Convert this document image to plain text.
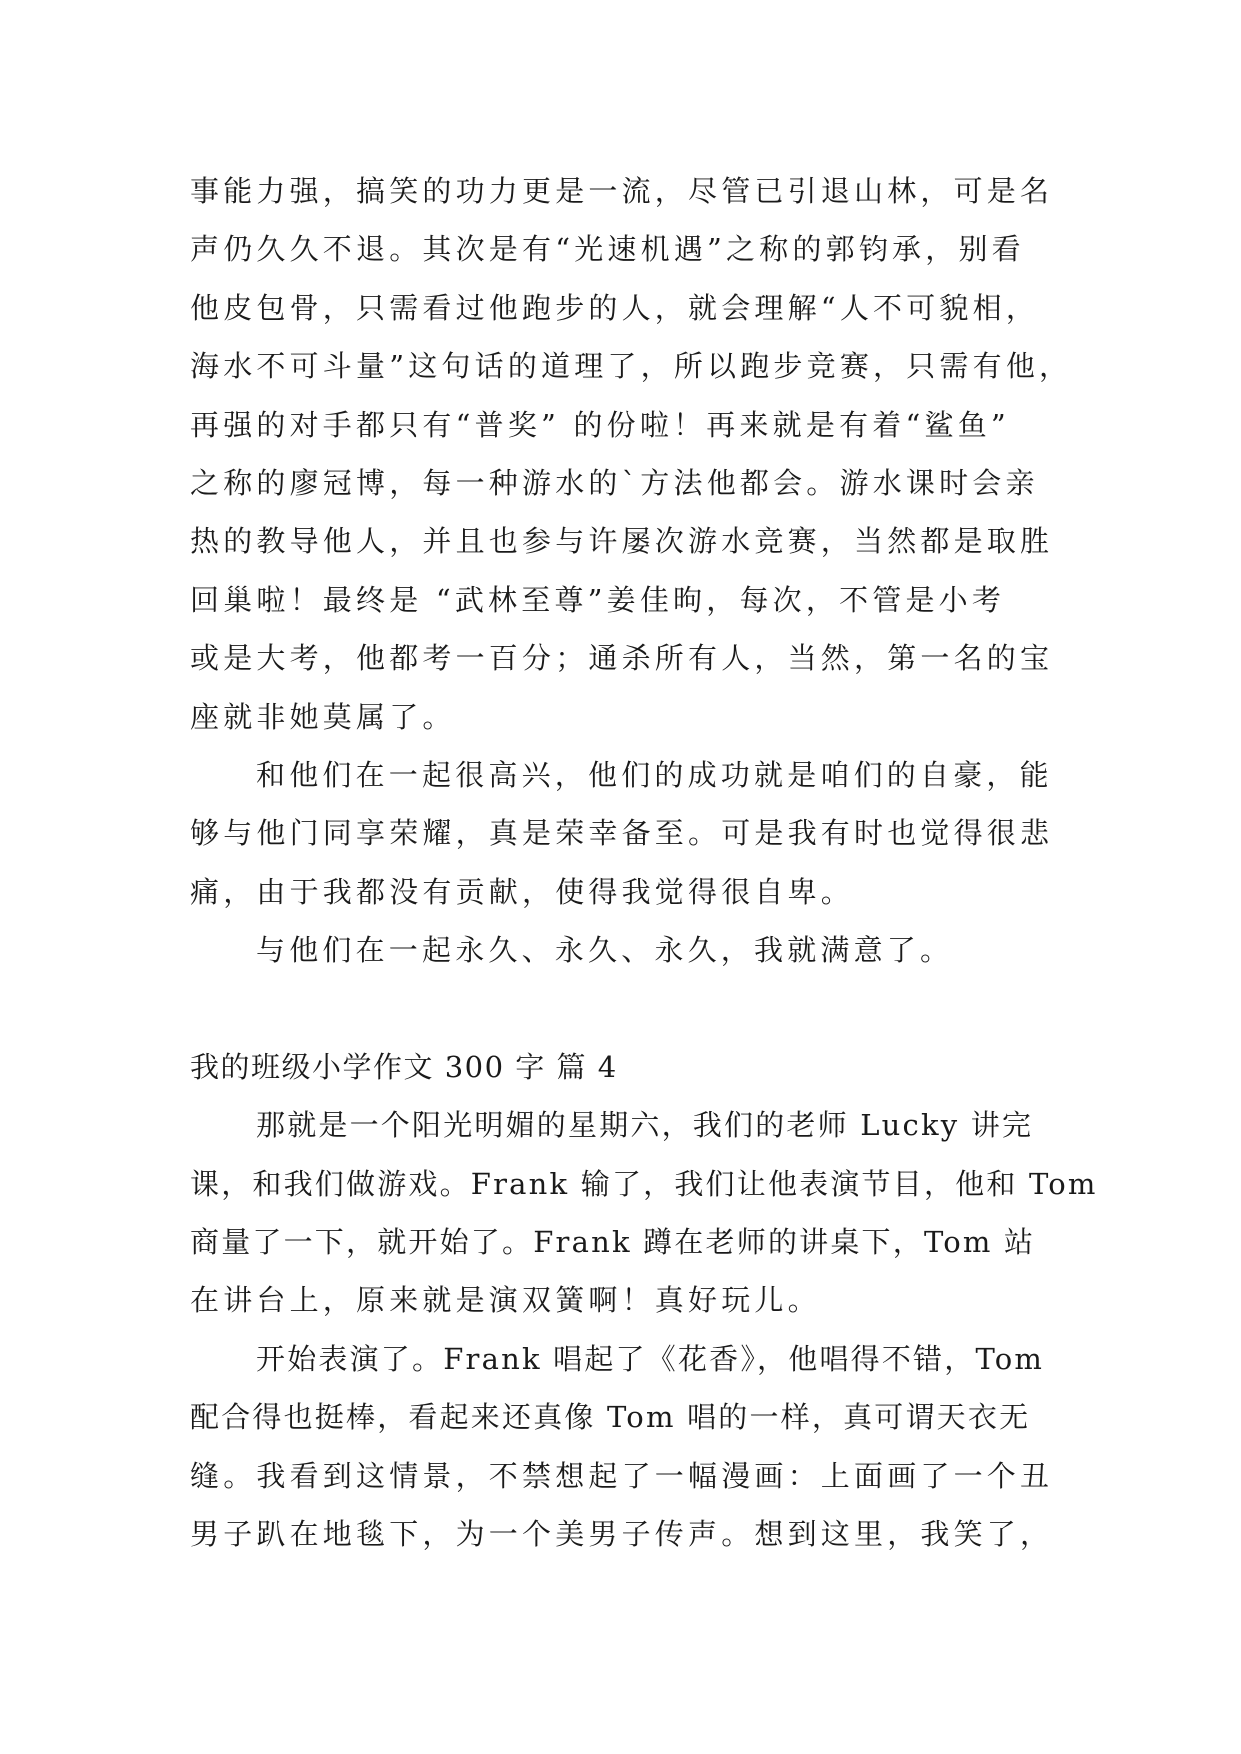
事能力强，搞笑的功力更是一流，尽管已引退山林，可是名
声仍久久不退。其次是有“光速机遇”之称的郭钧承，别看
他皮包骨，只需看过他跑步的人，就会理解“人不可貌相，
海水不可斗量”这句话的道理了，所以跑步竞赛，只需有他，
再强的对手都只有“普奖” 的份啦！再来就是有着“鲨鱼”
之称的廖冠博，每一种游水的`方法他都会。游水课时会亲
热的教导他人，并且也参与许屡次游水竞赛，当然都是取胜
回巢啦！最终是 “武林至尊”姜佳昫，每次，不管是小考
或是大考，他都考一百分；通杀所有人，当然，第一名的宝
座就非她莫属了。
和他们在一起很高兴，他们的成功就是咱们的自豪，能
够与他门同享荣耀，真是荣幸备至。可是我有时也觉得很悲
痛，由于我都没有贡献，使得我觉得很自卑。
与他们在一起永久、永久、永久，我就满意了。
我的班级小学作文 300 字 篇 4
那就是一个阳光明媚的星期六，我们的老师 Lucky 讲完
课，和我们做游戏。Frank 输了，我们让他表演节目，他和 Tom
商量了一下，就开始了。Frank 蹲在老师的讲桌下，Tom 站
在讲台上，原来就是演双簧啊！真好玩儿。
开始表演了。Frank 唱起了《花香》，他唱得不错，Tom
配合得也挺棒，看起来还真像 Tom 唱的一样，真可谓天衣无
缝。我看到这情景，不禁想起了一幅漫画：上面画了一个丑
男子趴在地毯下，为一个美男子传声。想到这里，我笑了，
